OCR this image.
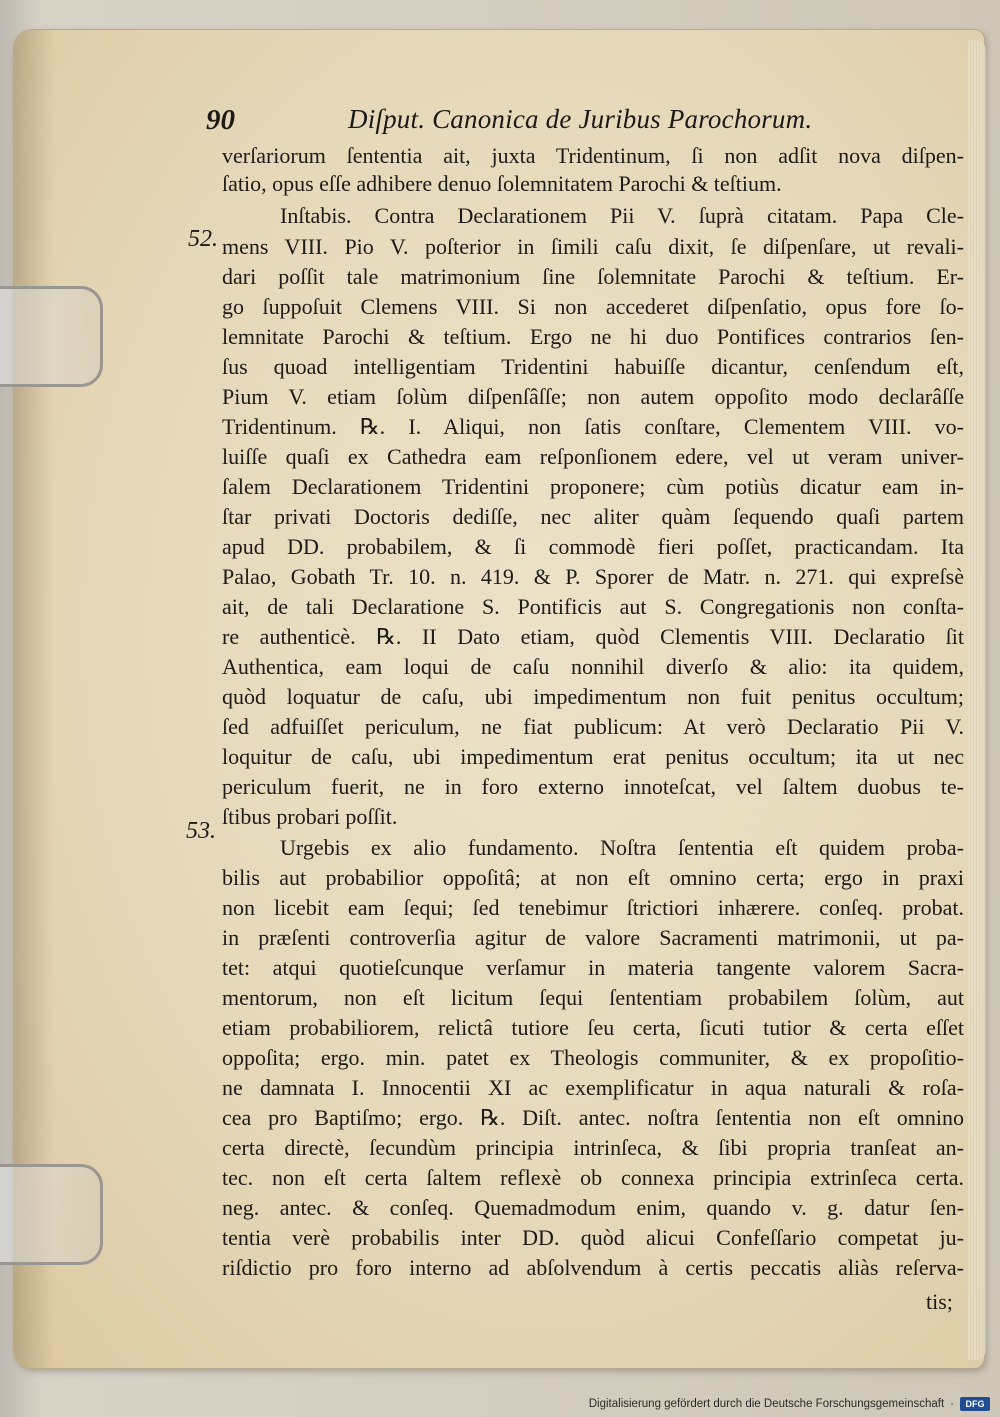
90	Diſput. Canonica de Juribus Parochorum.
52.
53.
verſariorum ſententia ait, juxta Tridentinum, ſi non adſit nova diſpen-
ſatio, opus eſſe adhibere denuo ſolemnitatem Parochi & teſtium.
Inſtabis. Contra Declarationem Pii V. ſuprà citatam. Papa Cle-
mens VIII. Pio V. poſterior in ſimili caſu dixit, ſe diſpenſare, ut revali-
dari poſſit tale matrimonium ſine ſolemnitate Parochi & teſtium. Er-
go ſuppoſuit Clemens VIII. Si non accederet diſpenſatio, opus fore ſo-
lemnitate Parochi & teſtium. Ergo ne hi duo Pontifices contrarios ſen-
ſus quoad intelligentiam Tridentini habuiſſe dicantur, cenſendum eſt,
Pium V. etiam ſolùm diſpenſâſſe; non autem oppoſito modo declarâſſe
Tridentinum. ℞. I. Aliqui, non ſatis conſtare, Clementem VIII. vo-
luiſſe quaſi ex Cathedra eam reſponſionem edere, vel ut veram univer-
ſalem Declarationem Tridentini proponere; cùm potiùs dicatur eam in-
ſtar privati Doctoris dediſſe, nec aliter quàm ſequendo quaſi partem
apud DD. probabilem, & ſi commodè fieri poſſet, practicandam. Ita
Palao, Gobath Tr. 10. n. 419. & P. Sporer de Matr. n. 271. qui expreſsè
ait, de tali Declaratione S. Pontificis aut S. Congregationis non conſta-
re authenticè. ℞. II Dato etiam, quòd Clementis VIII. Declaratio ſit
Authentica, eam loqui de caſu nonnihil diverſo & alio: ita quidem,
quòd loquatur de caſu, ubi impedimentum non fuit penitus occultum;
ſed adfuiſſet periculum, ne fiat publicum: At verò Declaratio Pii V.
loquitur de caſu, ubi impedimentum erat penitus occultum; ita ut nec
periculum fuerit, ne in foro externo innoteſcat, vel ſaltem duobus te-
ſtibus probari poſſit.
Urgebis ex alio fundamento. Noſtra ſententia eſt quidem proba-
bilis aut probabilior oppoſitâ; at non eſt omnino certa; ergo in praxi
non licebit eam ſequi; ſed tenebimur ſtrictiori inhærere. conſeq. probat.
in præſenti controverſia agitur de valore Sacramenti matrimonii, ut pa-
tet: atqui quotieſcunque verſamur in materia tangente valorem Sacra-
mentorum, non eſt licitum ſequi ſententiam probabilem ſolùm, aut
etiam probabiliorem, relictâ tutiore ſeu certa, ſicuti tutior & certa eſſet
oppoſita; ergo. min. patet ex Theologis communiter, & ex propoſitio-
ne damnata I. Innocentii XI ac exemplificatur in aqua naturali & roſa-
cea pro Baptiſmo; ergo. ℞. Diſt. antec. noſtra ſententia non eſt omnino
certa directè, ſecundùm principia intrinſeca, & ſibi propria tranſeat an-
tec. non eſt certa ſaltem reflexè ob connexa principia extrinſeca certa.
neg. antec. & conſeq. Quemadmodum enim, quando v. g. datur ſen-
tentia verè probabilis inter DD. quòd alicui Confeſſario competat ju-
riſdictio pro foro interno ad abſolvendum à certis peccatis aliàs reſerva-
tis;
Digitalisierung gefördert durch die Deutsche Forschungsgemeinschaft ·	DFG
